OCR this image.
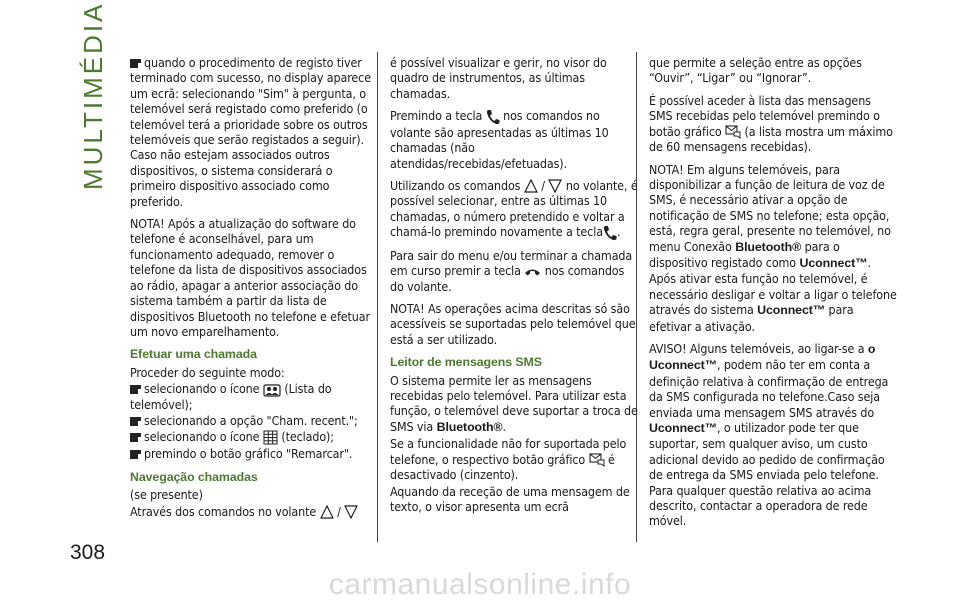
MULTIMÉDIA	quando o procedimento de registo tiver terminado com sucesso, no display aparece um ecrã: selecionando "Sim" à pergunta, o telemóvel será registado como preferido (o telemóvel terá a prioridade sobre os outros telemóveis que serão registados a seguir). Caso não estejam associados outros dispositivos, o sistema considerará o primeiro dispositivo associado como preferido.

NOTA! Após a atualização do software do telefone é aconselhável, para um funcionamento adequado, remover o telefone da lista de dispositivos associados ao rádio, apagar a anterior associação do sistema também a partir da lista de dispositivos Bluetooth no telefone e efetuar um novo emparelhamento.

Efetuar uma chamada

Proceder do seguinte modo:

selecionando o ícone (Lista do telemóvel);

selecionando a opção "Cham. recent.";

selecionando o ícone (teclado);

premindo o botão gráfico "Remarcar".

Navegação chamadas

(se presente)

Através dos comandos no volante /

é possível visualizar e gerir, no visor do quadro de instrumentos, as últimas chamadas.

Premindo a tecla nos comandos no volante são apresentadas as últimas 10 chamadas (não atendidas/recebidas/efetuadas).

Utilizando os comandos / no volante, é possível selecionar, entre as últimas 10 chamadas, o número pretendido e voltar a chamá-lo premindo novamente a tecla .

Para sair do menu e/ou terminar a chamada em curso premir a tecla nos comandos do volante.

NOTA! As operações acima descritas só são acessíveis se suportadas pelo telemóvel que está a ser utilizado.

Leitor de mensagens SMS

O sistema permite ler as mensagens recebidas pelo telemóvel. Para utilizar esta função, o telemóvel deve suportar a troca de SMS via Bluetooth®.

Se a funcionalidade não for suportada pelo telefone, o respectivo botão gráfico é desactivado (cinzento).

Aquando da receção de uma mensagem de texto, o visor apresenta um ecrã

que permite a seleção entre as opções “Ouvir”, “Ligar” ou “Ignorar”.

É possível aceder à lista das mensagens SMS recebidas pelo telemóvel premindo o botão gráfico (a lista mostra um máximo de 60 mensagens recebidas).

NOTA! Em alguns telemóveis, para disponibilizar a função de leitura de voz de SMS, é necessário ativar a opção de notificação de SMS no telefone; esta opção, está, regra geral, presente no telemóvel, no menu Conexão Bluetooth® para o dispositivo registado como Uconnect™. Após ativar esta função no telemóvel, é necessário desligar e voltar a ligar o telefone através do sistema Uconnect™ para efetivar a ativação.

AVISO! Alguns telemóveis, ao ligar-se a o Uconnect™, podem não ter em conta a definição relativa à confirmação de entrega da SMS configurada no telefone.Caso seja enviada uma mensagem SMS através do Uconnect™, o utilizador pode ter que suportar, sem qualquer aviso, um custo adicional devido ao pedido de confirmação de entrega da SMS enviada pelo telefone. Para qualquer questão relativa ao acima descrito, contactar a operadora de rede móvel.

308
carmanualsonline.info
